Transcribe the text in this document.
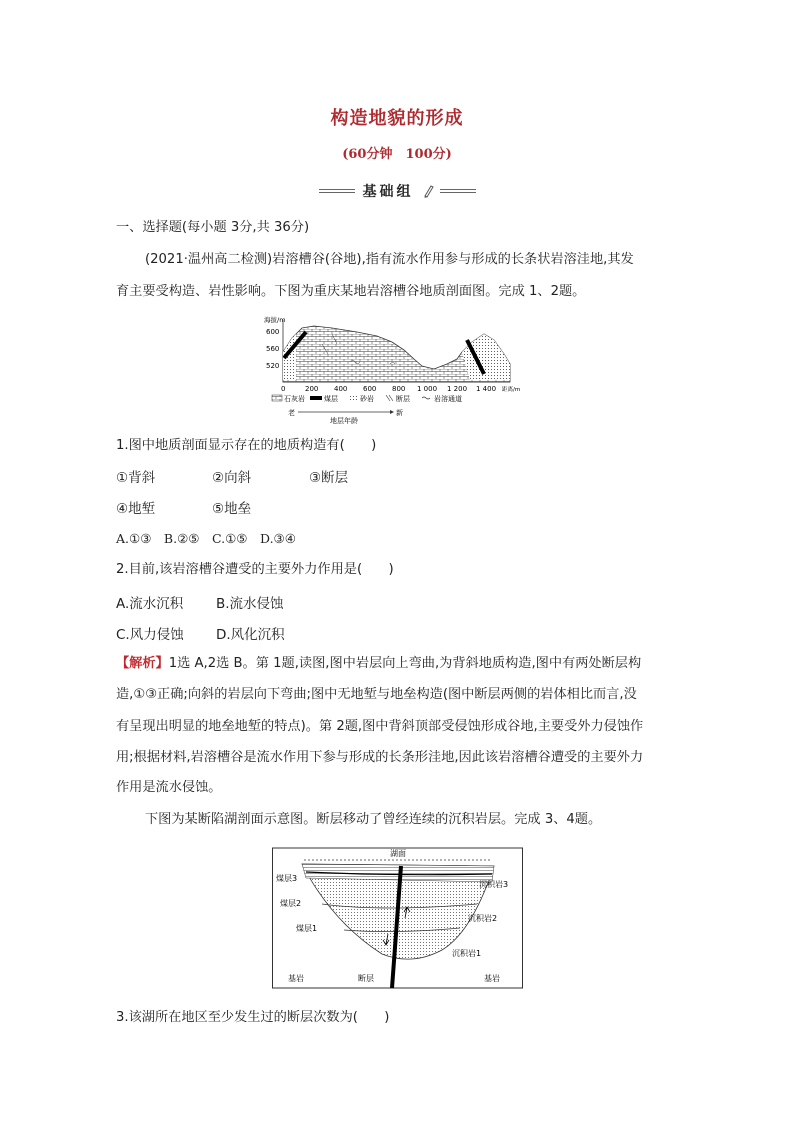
构造地貌的形成
(60分钟　100分)
基础组
一、选择题(每小题 3分,共 36分)
(2021·温州高二检测)岩溶槽谷(谷地),指有流水作用参与形成的长条状岩溶洼地,其发
育主要受构造、岩性影响。下图为重庆某地岩溶槽谷地质剖面图。完成 1、2题。
海拔/m
600
560
520
0	200 400 600 800 1 000 1 200 1 400 距离/m
石灰岩	煤层	砂岩	断层	岩溶通道
老	新
地层年龄
1.图中地质剖面显示存在的地质构造有(　　)
①背斜	②向斜	③断层
④地堑	⑤地垒
A.①③　B.②⑤　C.①⑤　D.③④
2.目前,该岩溶槽谷遭受的主要外力作用是(　　)
A.流水沉积 B.流水侵蚀
C.风力侵蚀 D.风化沉积
【解析】1选 A,2选 B。第 1题,读图,图中岩层向上弯曲,为背斜地质构造,图中有两处断层构
造,①③正确;向斜的岩层向下弯曲;图中无地堑与地垒构造(图中断层两侧的岩体相比而言,没
有呈现出明显的地垒地堑的特点)。第 2题,图中背斜顶部受侵蚀形成谷地,主要受外力侵蚀作
用;根据材料,岩溶槽谷是流水作用下参与形成的长条形洼地,因此该岩溶槽谷遭受的主要外力
作用是流水侵蚀。
下图为某断陷湖剖面示意图。断层移动了曾经连续的沉积岩层。完成 3、4题。
湖面
煤层3
煤层2
煤层1
沉积岩3
沉积岩2
沉积岩1
基岩	断层	基岩
3.该湖所在地区至少发生过的断层次数为(　　)
